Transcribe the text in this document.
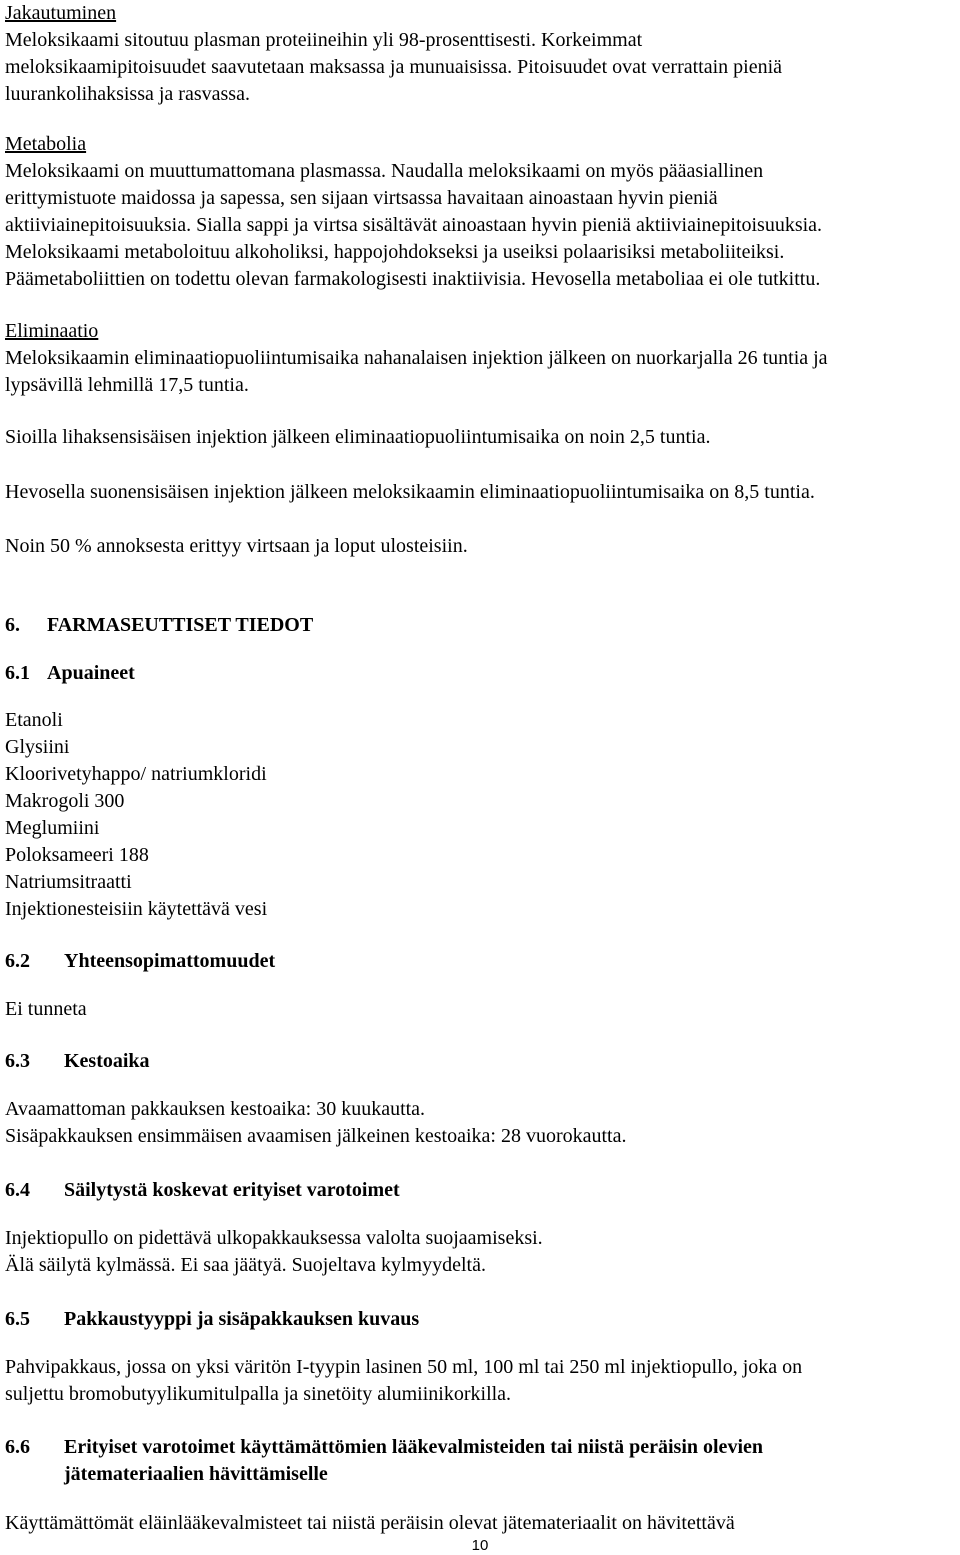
Jakautuminen
Meloksikaami sitoutuu plasman proteiineihin yli 98-prosenttisesti. Korkeimmat
meloksikaamipitoisuudet saavutetaan maksassa ja munuaisissa. Pitoisuudet ovat verrattain pieniä
luurankolihaksissa ja rasvassa.
Metabolia
Meloksikaami on muuttumattomana plasmassa. Naudalla meloksikaami on myös pääasiallinen
erittymistuote maidossa ja sapessa, sen sijaan virtsassa havaitaan ainoastaan hyvin pieniä
aktiiviainepitoisuuksia. Sialla sappi ja virtsa sisältävät ainoastaan hyvin pieniä aktiiviainepitoisuuksia.
Meloksikaami metaboloituu alkoholiksi, happojohdokseksi ja useiksi polaarisiksi metaboliiteiksi.
Päämetaboliittien on todettu olevan farmakologisesti inaktiivisia. Hevosella metaboliaa ei ole tutkittu.
Eliminaatio
Meloksikaamin eliminaatiopuoliintumisaika nahanalaisen injektion jälkeen on nuorkarjalla 26 tuntia ja
lypsävillä lehmillä 17,5 tuntia.
Sioilla lihaksensisäisen injektion jälkeen eliminaatiopuoliintumisaika on noin 2,5 tuntia.
Hevosella suonensisäisen injektion jälkeen meloksikaamin eliminaatiopuoliintumisaika on 8,5 tuntia.
Noin 50 % annoksesta erittyy virtsaan ja loput ulosteisiin.
6. FARMASEUTTISET TIEDOT
6.1 Apuaineet
Etanoli
Glysiini
Kloorivetyhappo/ natriumkloridi
Makrogoli 300
Meglumiini
Poloksameeri 188
Natriumsitraatti
Injektionesteisiin käytettävä vesi
6.2 Yhteensopimattomuudet
Ei tunneta
6.3 Kestoaika
Avaamattoman pakkauksen kestoaika: 30 kuukautta.
Sisäpakkauksen ensimmäisen avaamisen jälkeinen kestoaika: 28 vuorokautta.
6.4 Säilytystä koskevat erityiset varotoimet
Injektiopullo on pidettävä ulkopakkauksessa valolta suojaamiseksi.
Älä säilytä kylmässä. Ei saa jäätyä. Suojeltava kylmyydeltä.
6.5 Pakkaustyyppi ja sisäpakkauksen kuvaus
Pahvipakkaus, jossa on yksi väritön I-tyypin lasinen 50 ml, 100 ml tai 250 ml injektiopullo, joka on
suljettu bromobutyylikumitulpalla ja sinetöity alumiinikorkilla.
6.6	Erityiset varotoimet käyttämättömien lääkevalmisteiden tai niistä peräisin olevien
jätemateriaalien hävittämiselle
Käyttämättömät eläinlääkevalmisteet tai niistä peräisin olevat jätemateriaalit on hävitettävä
10
